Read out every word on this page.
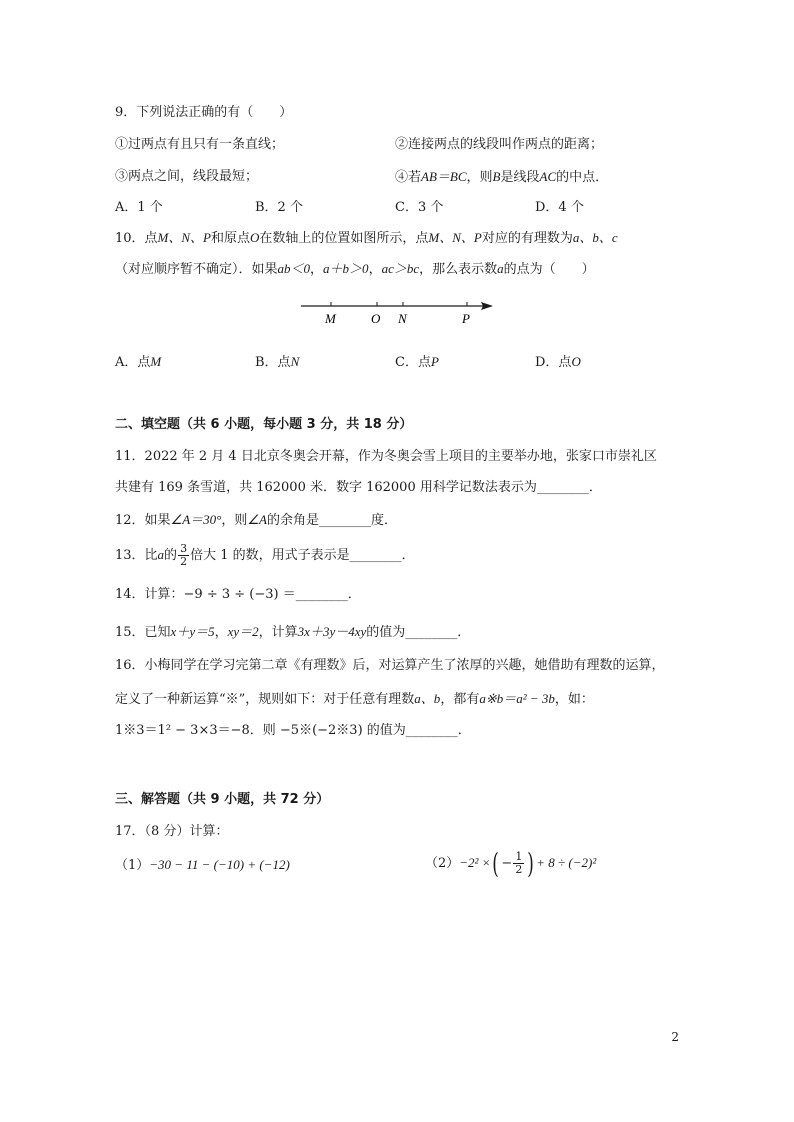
9．下列说法正确的有（　　）
①过两点有且只有一条直线；	②连接两点的线段叫作两点的距离；
③两点之间，线段最短；	④若AB＝BC，则B是线段AC的中点．
A．1 个	B．2 个	C．3 个	D．4 个
10．点M、N、P和原点O在数轴上的位置如图所示，点M、N、P对应的有理数为a、b、c
（对应顺序暂不确定）．如果ab＜0，a＋b＞0，ac＞bc，那么表示数a的点为（　　）
M	O N	P
A．点M	B．点N	C．点P	D．点O
二、填空题（共 6 小题，每小题 3 分，共 18 分）
11．2022 年 2 月 4 日北京冬奥会开幕，作为冬奥会雪上项目的主要举办地，张家口市崇礼区
共建有 169 条雪道，共 162000 米．数字 162000 用科学记数法表示为________．
12．如果∠A＝30°，则∠A的余角是________度．
13．比a的 $\frac{3}{2}$ 倍大 1 的数，用式子表示是________．
14．计算：−9 ÷ 3 ÷ (−3) ＝________．
15．已知x＋y＝5，xy＝2，计算3x＋3y－4xy的值为________．
16．小梅同学在学习完第二章《有理数》后，对运算产生了浓厚的兴趣，她借助有理数的运算，
定义了一种新运算“※”，规则如下：对于任意有理数a、b，都有a※b＝a² − 3b，如：
1※3＝1² − 3×3＝−8．则 −5※(−2※3) 的值为________．
三、解答题（共 9 小题，共 72 分）
17．（8 分）计算：
（1）−30 − 11 − (−10) + (−12)	（2）−2² ×( − $\frac{1}{2}$ ) + 8 ÷ (−2)²
2
